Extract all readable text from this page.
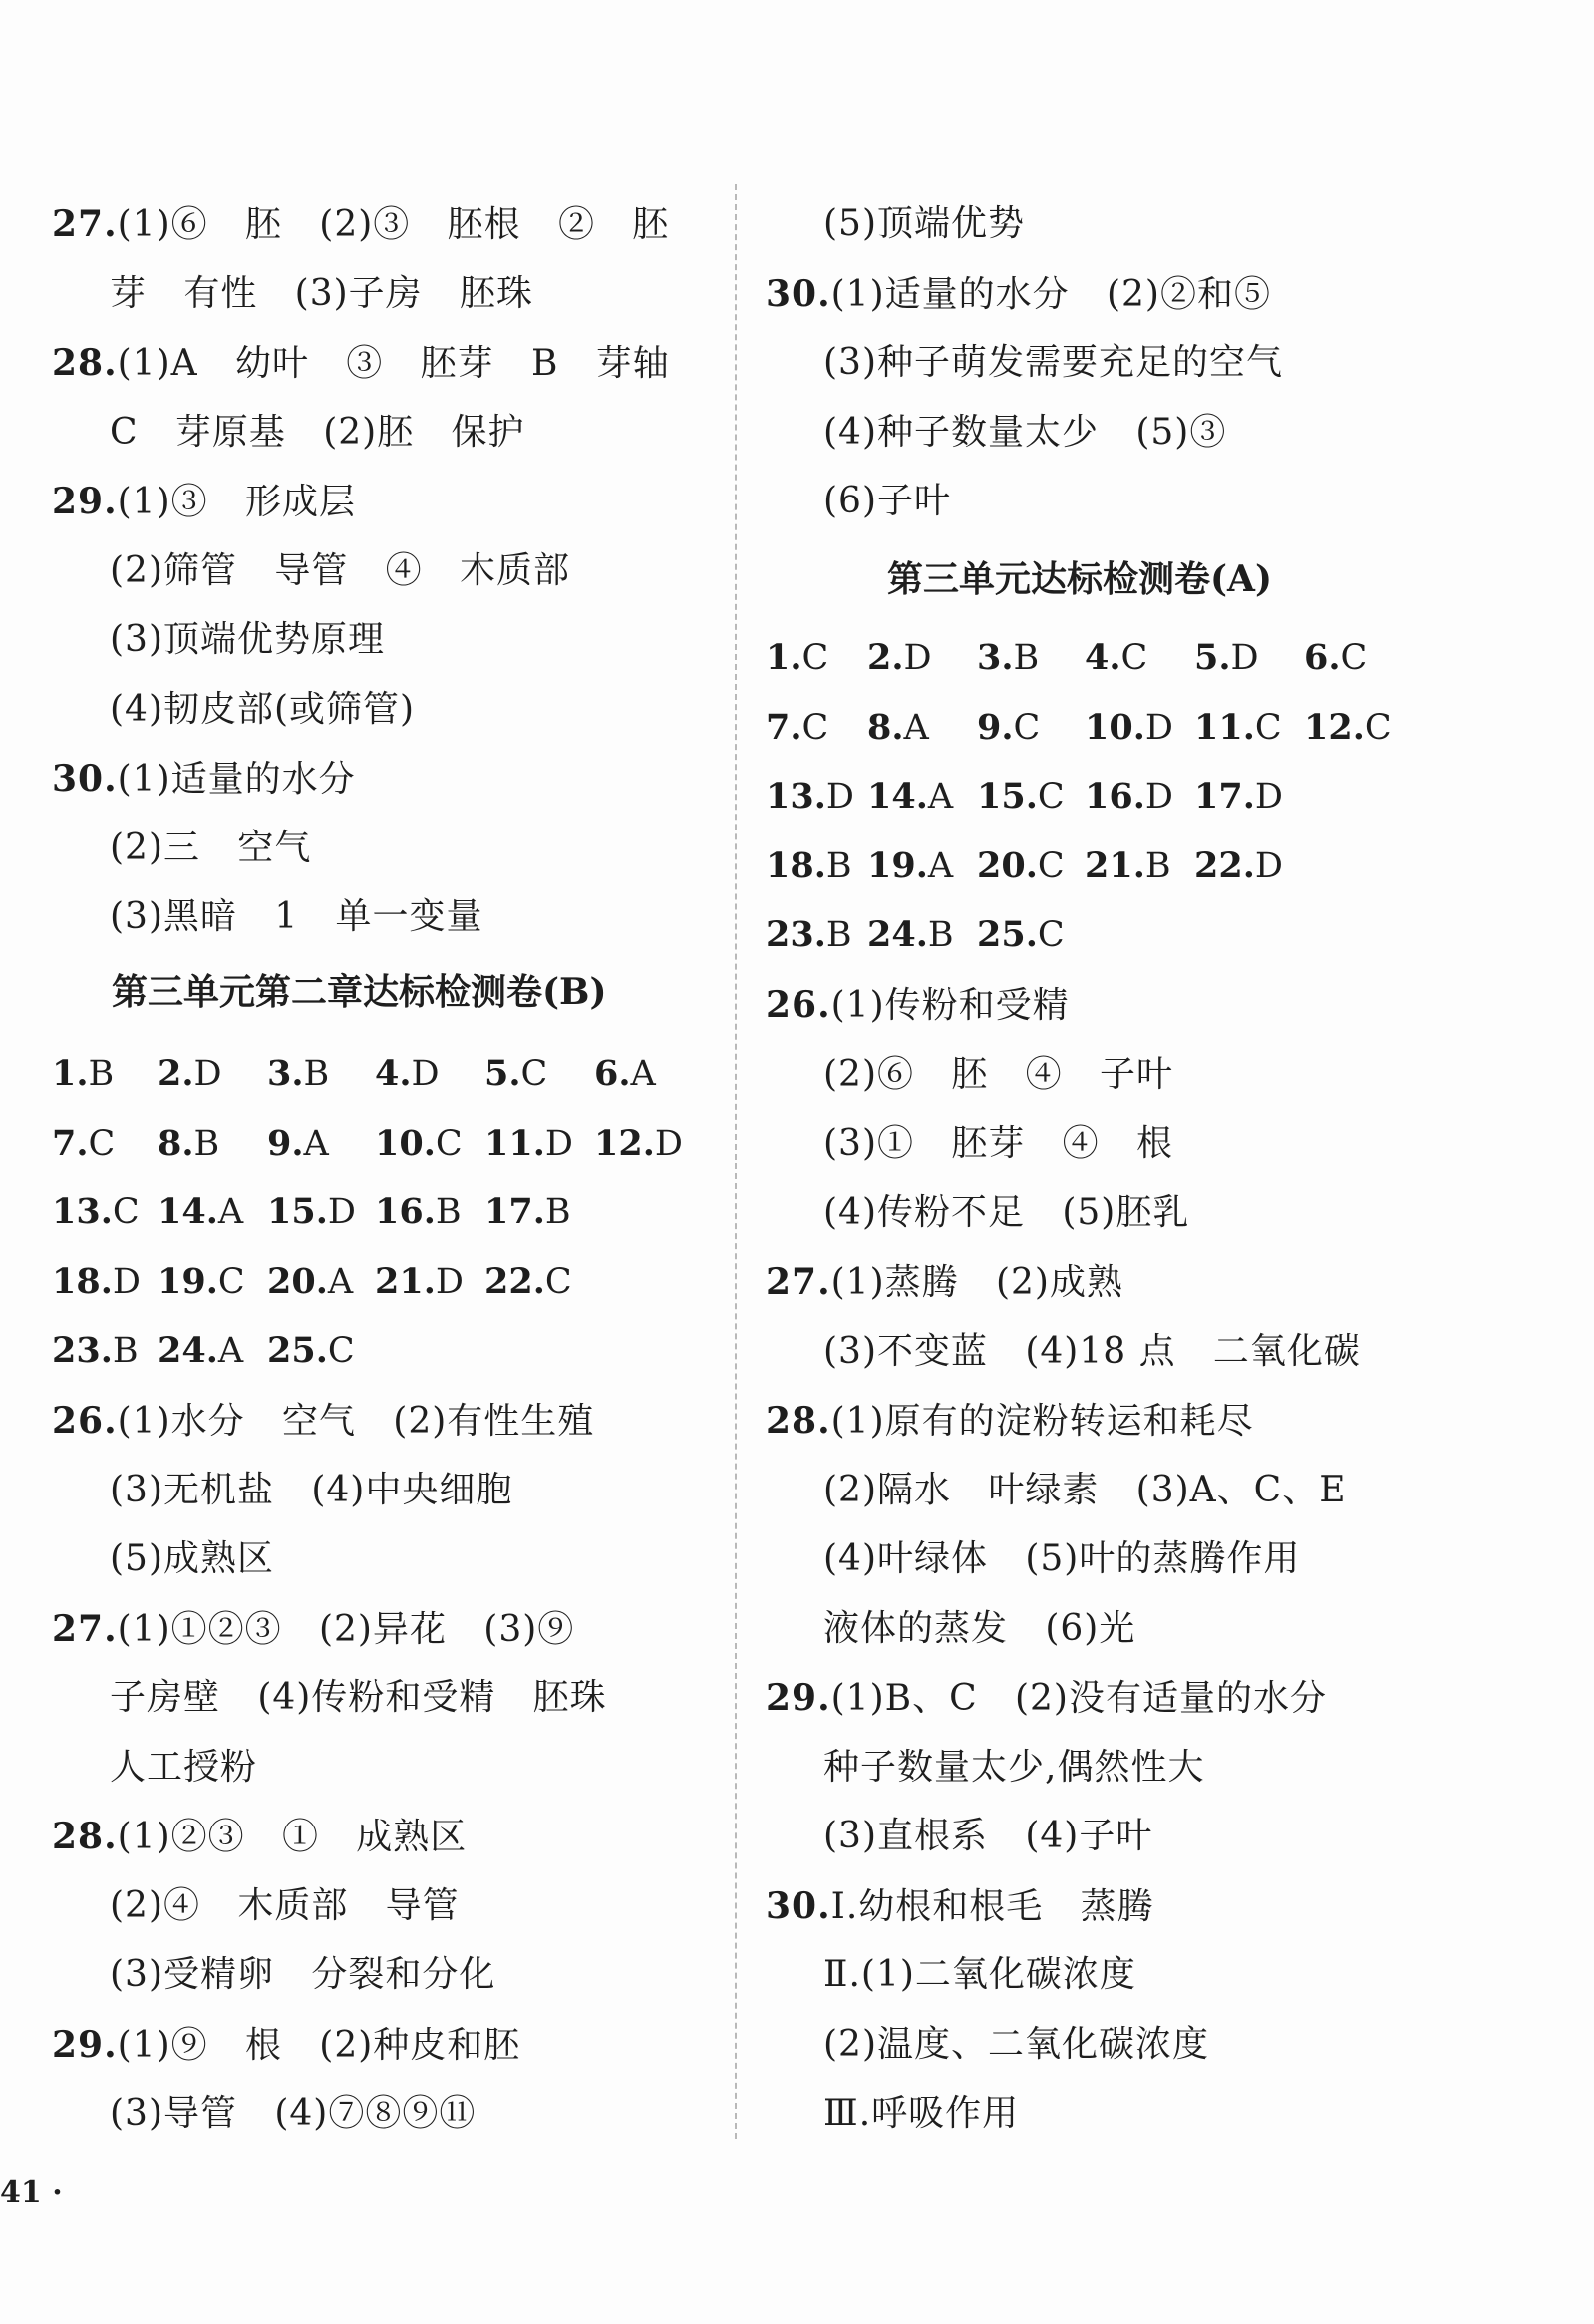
27.(1)⑥   胚   (2)③   胚根   ②   胚
芽   有性   (3)子房   胚珠
28.(1)A   幼叶   ③   胚芽   B   芽轴
C   芽原基   (2)胚   保护
29.(1)③   形成层
(2)筛管   导管   ④   木质部
(3)顶端优势原理
(4)韧皮部(或筛管)
30.(1)适量的水分
(2)三   空气
(3)黑暗   1   单一变量
第三单元第二章达标检测卷(B)
1.B 2.D 3.B 4.D 5.C 6.A
7.C 8.B 9.A 10.C 11.D 12.D
13.C 14.A 15.D 16.B 17.B
18.D 19.C 20.A 21.D 22.C
23.B 24.A 25.C
26.(1)水分   空气   (2)有性生殖
(3)无机盐   (4)中央细胞
(5)成熟区
27.(1)①②③   (2)异花   (3)⑨
子房壁   (4)传粉和受精   胚珠
人工授粉
28.(1)②③   ①   成熟区
(2)④   木质部   导管
(3)受精卵   分裂和分化
29.(1)⑨   根   (2)种皮和胚
(3)导管   (4)⑦⑧⑨⑪
(5)顶端优势
30.(1)适量的水分   (2)②和⑤
(3)种子萌发需要充足的空气
(4)种子数量太少   (5)③
(6)子叶
第三单元达标检测卷(A)
1.C 2.D 3.B 4.C 5.D 6.C
7.C 8.A 9.C 10.D 11.C 12.C
13.D 14.A 15.C 16.D 17.D
18.B 19.A 20.C 21.B 22.D
23.B 24.B 25.C
26.(1)传粉和受精
(2)⑥   胚   ④   子叶
(3)①   胚芽   ④   根
(4)传粉不足   (5)胚乳
27.(1)蒸腾   (2)成熟
(3)不变蓝   (4)18 点   二氧化碳
28.(1)原有的淀粉转运和耗尽
(2)隔水   叶绿素   (3)A、C、E
(4)叶绿体   (5)叶的蒸腾作用
液体的蒸发   (6)光
29.(1)B、C   (2)没有适量的水分
种子数量太少,偶然性大
(3)直根系   (4)子叶
30.Ⅰ.幼根和根毛   蒸腾
Ⅱ.(1)二氧化碳浓度
(2)温度、二氧化碳浓度
Ⅲ.呼吸作用
41 ·
